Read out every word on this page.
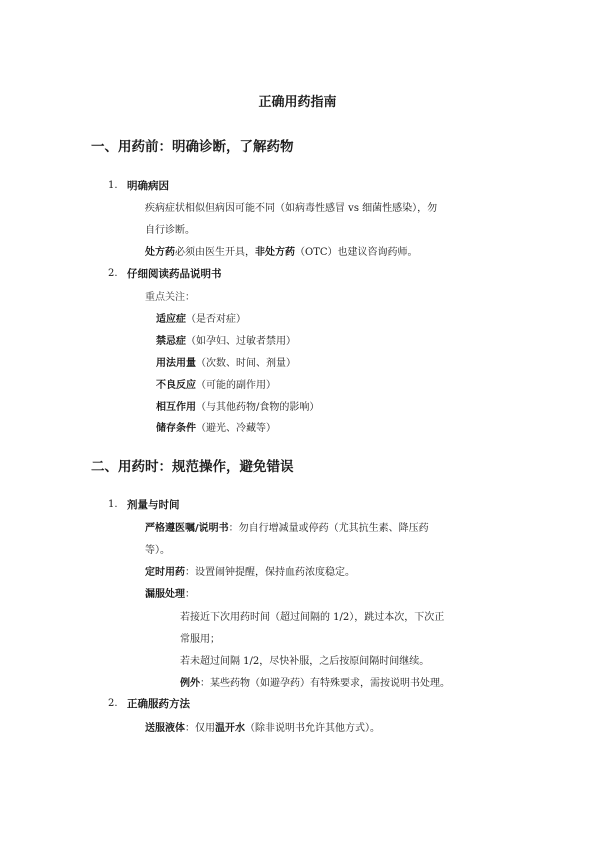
正确用药指南
一、用药前：明确诊断，了解药物
1. 明确病因
疾病症状相似但病因可能不同（如病毒性感冒 vs 细菌性感染），勿
自行诊断。
处方药必须由医生开具，非处方药（OTC）也建议咨询药师。
2. 仔细阅读药品说明书
重点关注：
适应症（是否对症）
禁忌症（如孕妇、过敏者禁用）
用法用量（次数、时间、剂量）
不良反应（可能的副作用）
相互作用（与其他药物/食物的影响）
储存条件（避光、冷藏等）
二、用药时：规范操作，避免错误
1. 剂量与时间
严格遵医嘱/说明书：勿自行增减量或停药（尤其抗生素、降压药
等）。
定时用药：设置闹钟提醒，保持血药浓度稳定。
漏服处理：
若接近下次用药时间（超过间隔的 1/2），跳过本次，下次正
常服用；
若未超过间隔 1/2，尽快补服，之后按原间隔时间继续。
例外：某些药物（如避孕药）有特殊要求，需按说明书处理。
2. 正确服药方法
送服液体：仅用温开水（除非说明书允许其他方式）。
